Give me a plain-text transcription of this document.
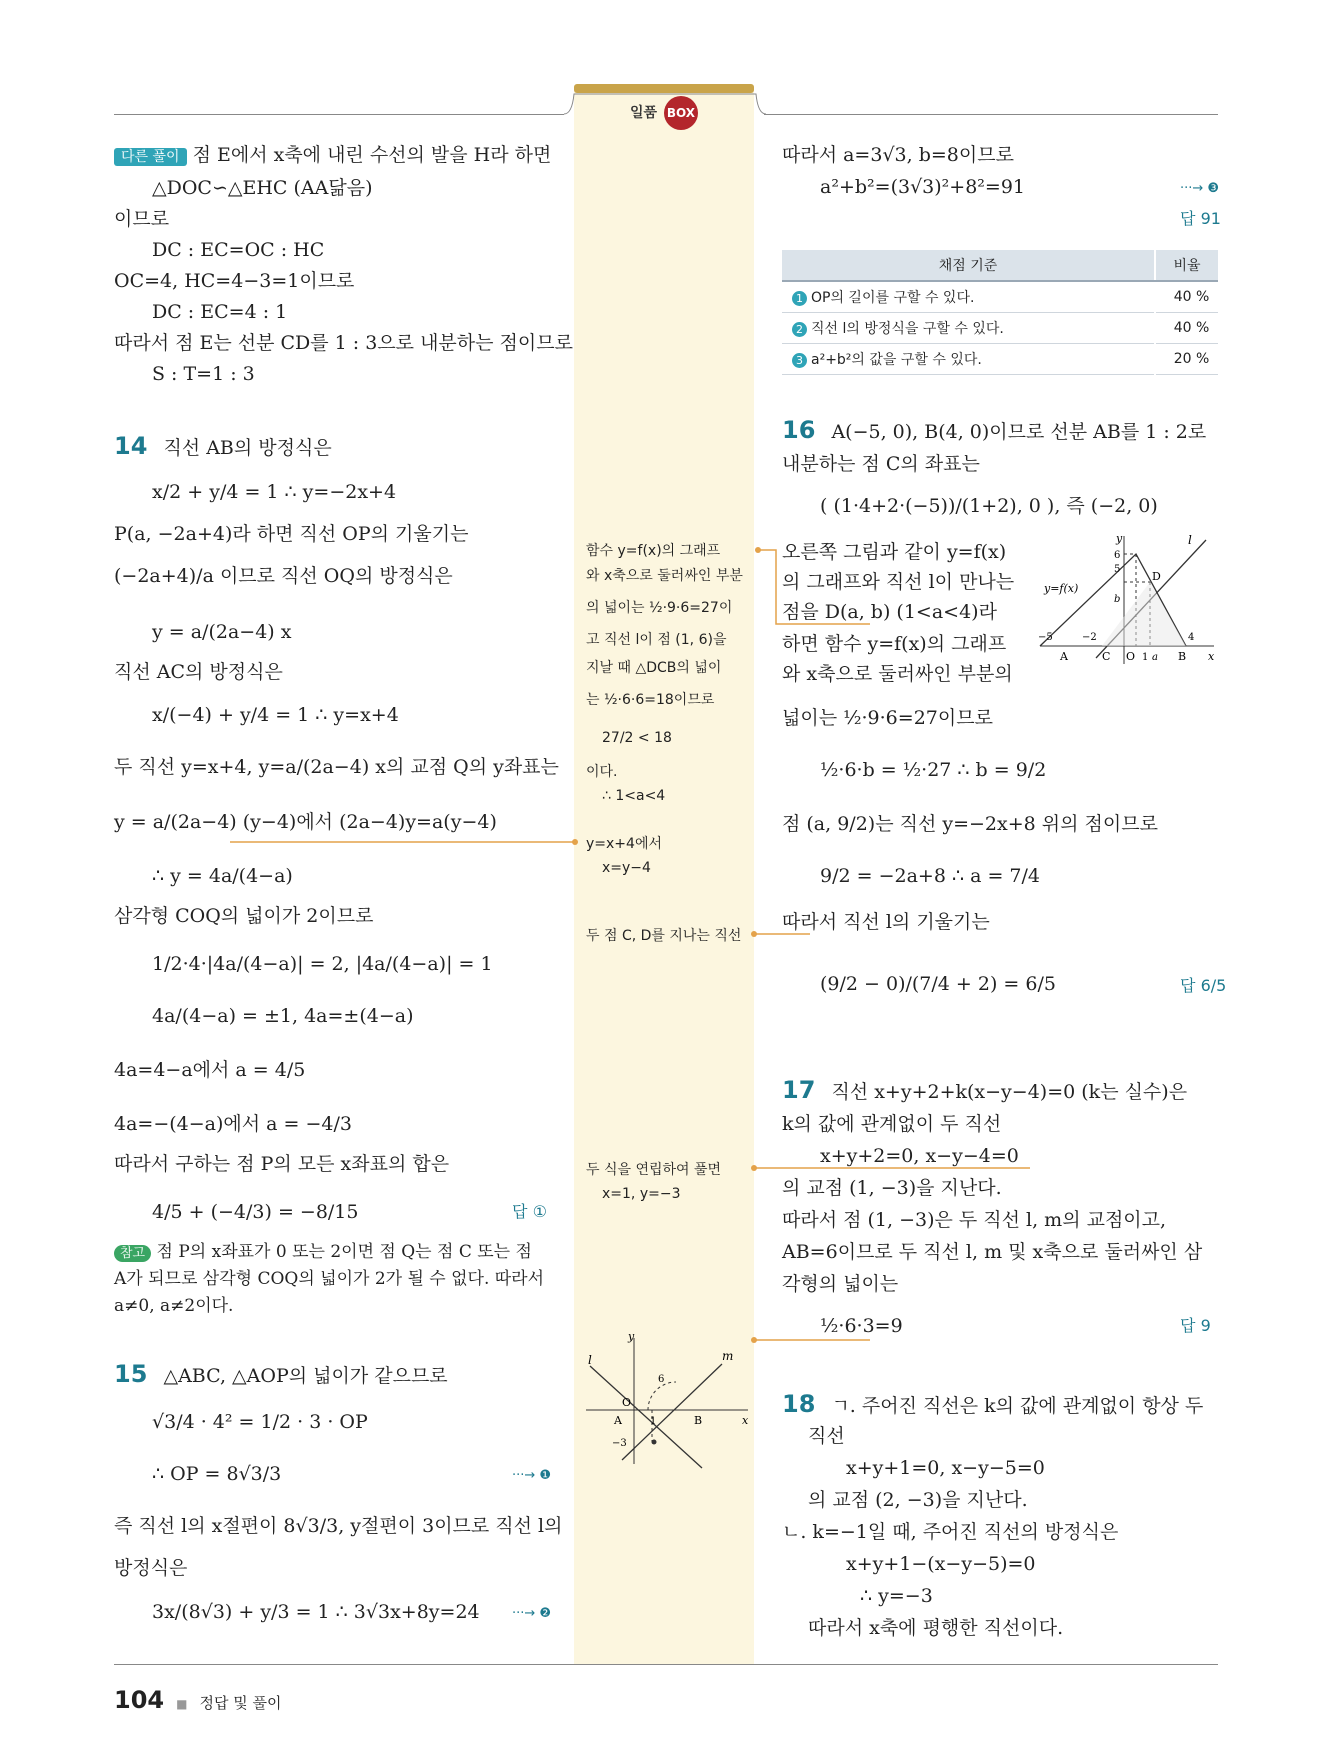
일품 BOX
다른 풀이 점 E에서 x축에 내린 수선의 발을 H라 하면
△DOC∽△EHC (AA닮음)
이므로
DC : EC=OC : HC
OC=4, HC=4−3=1이므로
DC : EC=4 : 1
따라서 점 E는 선분 CD를 1 : 3으로 내분하는 점이므로
S : T=1 : 3
14 직선 AB의 방정식은
x/2 + y/4 = 1 ∴ y=−2x+4
P(a, −2a+4)라 하면 직선 OP의 기울기는
(−2a+4)/a 이므로 직선 OQ의 방정식은
y = a/(2a−4) x
직선 AC의 방정식은
x/(−4) + y/4 = 1 ∴ y=x+4
두 직선 y=x+4, y=a/(2a−4) x의 교점 Q의 y좌표는
y = a/(2a−4) (y−4)에서 (2a−4)y=a(y−4)
∴ y = 4a/(4−a)
삼각형 COQ의 넓이가 2이므로
1/2·4·|4a/(4−a)| = 2, |4a/(4−a)| = 1
4a/(4−a) = ±1, 4a=±(4−a)
4a=4−a에서 a = 4/5
4a=−(4−a)에서 a = −4/3
따라서 구하는 점 P의 모든 x좌표의 합은
4/5 + (−4/3) = −8/15	답 ①
참고 점 P의 x좌표가 0 또는 2이면 점 Q는 점 C 또는 점
A가 되므로 삼각형 COQ의 넓이가 2가 될 수 없다. 따라서
a≠0, a≠2이다.
15 △ABC, △AOP의 넓이가 같으므로
√3/4 · 4² = 1/2 · 3 · OP
∴ OP = 8√3/3	···→ ❶
즉 직선 l의 x절편이 8√3/3, y절편이 3이므로 직선 l의
방정식은
3x/(8√3) + y/3 = 1 ∴ 3√3x+8y=24 ···→ ❷
함수 y=f(x)의 그래프
와 x축으로 둘러싸인 부분
의 넓이는 ½·9·6=27이
고 직선 l이 점 (1, 6)을
지날 때 △DCB의 넓이
는 ½·6·6=18이므로
27/2 < 18
이다.
∴ 1<a<4
y=x+4에서
x=y−4
두 점 C, D를 지나는 직선
두 식을 연립하여 풀면
x=1, y=−3
l	m
y
x
O
A	B
1
−3
6
따라서 a=3√3, b=8이므로
a²+b²=(3√3)²+8²=91	···→ ❸
답 91
채점 기준	비율
1 OP의 길이를 구할 수 있다.	40 %
2 직선 l의 방정식을 구할 수 있다.	40 %
3 a²+b²의 값을 구할 수 있다.	20 %
16 A(−5, 0), B(4, 0)이므로 선분 AB를 1 : 2로
내분하는 점 C의 좌표는
( (1·4+2·(−5))/(1+2), 0 ), 즉 (−2, 0)
오른쪽 그림과 같이 y=f(x)
의 그래프와 직선 l이 만나는
점을 D(a, b) (1<a<4)라
하면 함수 y=f(x)의 그래프
와 x축으로 둘러싸인 부분의
넓이는 ½·9·6=27이므로
½·6·b = ½·27 ∴ b = 9/2
점 (a, 9/2)는 직선 y=−2x+8 위의 점이므로
9/2 = −2a+8 ∴ a = 7/4
따라서 직선 l의 기울기는
(9/2 − 0)/(7/4 + 2) = 6/5	답 6/5
l
y
y=f(x)
6
5
b
D
−5	−2
A	C O 1 a
4
B x
17 직선 x+y+2+k(x−y−4)=0 (k는 실수)은
k의 값에 관계없이 두 직선
x+y+2=0, x−y−4=0
의 교점 (1, −3)을 지난다.
따라서 점 (1, −3)은 두 직선 l, m의 교점이고,
AB=6이므로 두 직선 l, m 및 x축으로 둘러싸인 삼
각형의 넓이는
½·6·3=9	답 9
18 ㄱ. 주어진 직선은 k의 값에 관계없이 항상 두
직선
x+y+1=0, x−y−5=0
의 교점 (2, −3)을 지난다.
ㄴ. k=−1일 때, 주어진 직선의 방정식은
x+y+1−(x−y−5)=0
∴ y=−3
따라서 x축에 평행한 직선이다.
104 ■ 정답 및 풀이
